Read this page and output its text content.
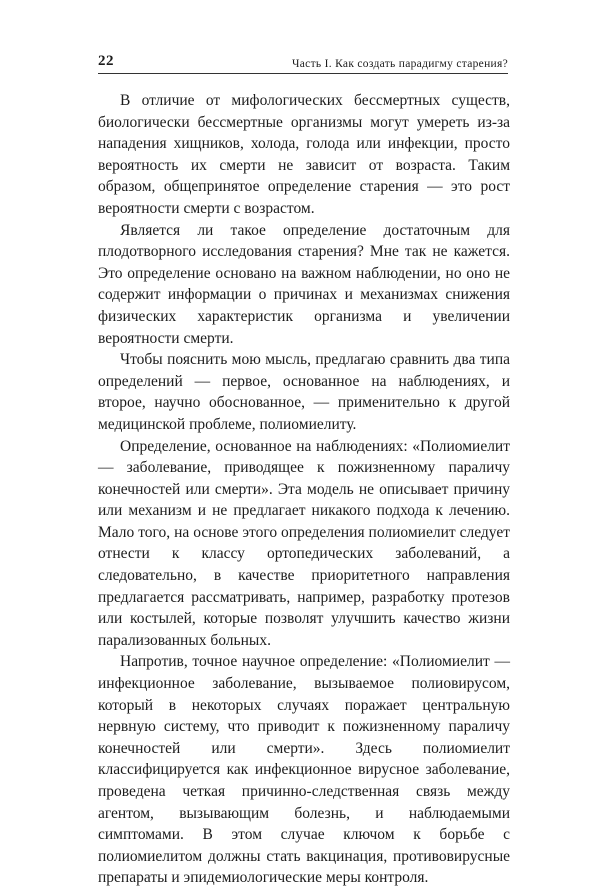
22	Часть I. Как создать парадигму старения?

В отличие от мифологических бессмертных существ, биологически бессмертные организмы могут умереть из-за нападения хищников, холода, голода или инфекции, просто вероятность их смерти не зависит от возраста. Таким образом, общепринятое определение старения — это рост вероятности смерти с возрастом.

Является ли такое определение достаточным для плодотворного исследования старения? Мне так не кажется. Это определение основано на важном наблюдении, но оно не содержит информации о причинах и механизмах снижения физических характеристик организма и увеличении вероятности смерти.

Чтобы пояснить мою мысль, предлагаю сравнить два типа определений — первое, основанное на наблюдениях, и второе, научно обоснованное, — применительно к другой медицинской проблеме, полиомиелиту.

Определение, основанное на наблюдениях: «Полиомиелит — заболевание, приводящее к пожизненному параличу конечностей или смерти». Эта модель не описывает причину или механизм и не предлагает никакого подхода к лечению. Мало того, на основе этого определения полиомиелит следует отнести к классу ортопедических заболеваний, а следовательно, в качестве приоритетного направления предлагается рассматривать, например, разработку протезов или костылей, которые позволят улучшить качество жизни парализованных больных.

Напротив, точное научное определение: «Полиомиелит — инфекционное заболевание, вызываемое полиовирусом, который в некоторых случаях поражает центральную нервную систему, что приводит к пожизненному параличу конечностей или смерти». Здесь полиомиелит классифицируется как инфекционное вирусное заболевание, проведена четкая причинно-следственная связь между агентом, вызывающим болезнь, и наблюдаемыми симптомами. В этом случае ключом к борьбе с полиомиелитом должны стать вакцинация, противовирусные препараты и эпидемиологические меры контроля.
